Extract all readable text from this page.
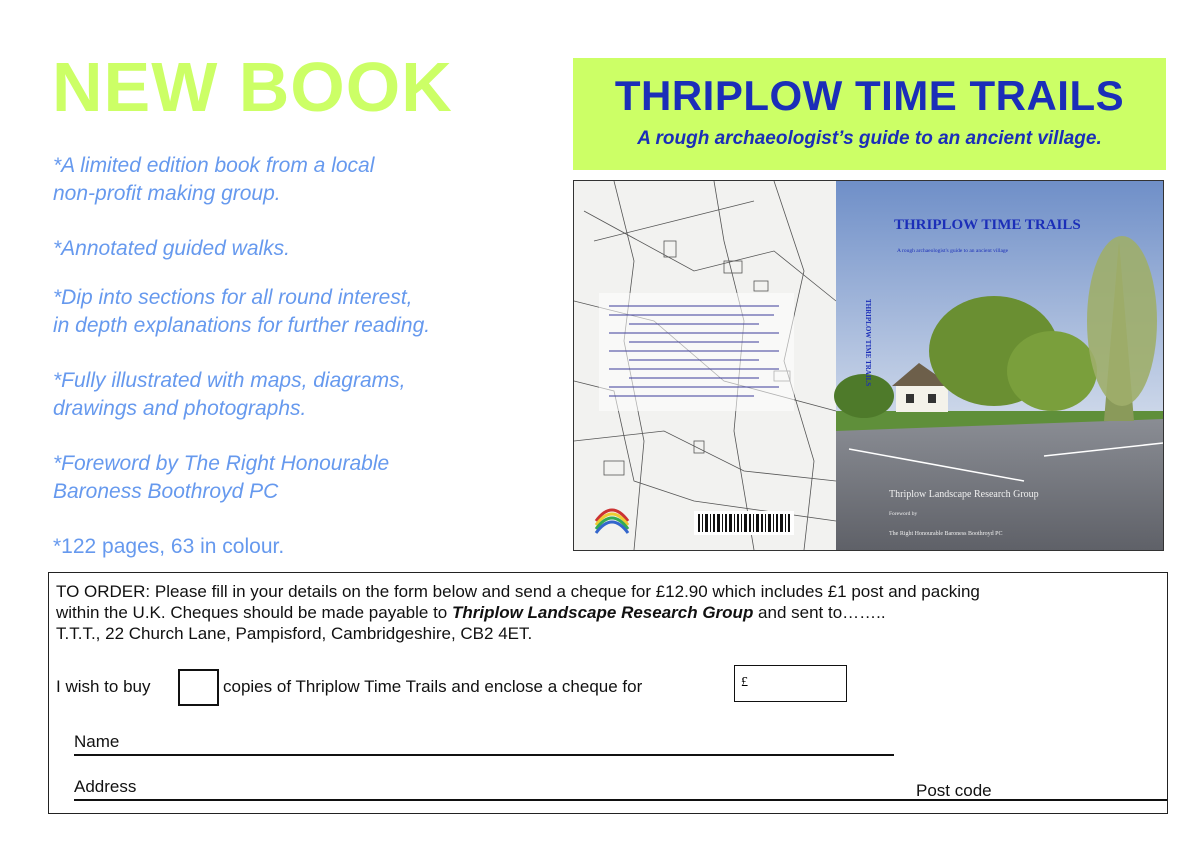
NEW BOOK
*A limited edition book from a local
non-profit making group.
*Annotated guided walks.
*Dip into sections for all round interest,
in depth explanations for further reading.
*Fully illustrated with maps, diagrams,
drawings and photographs.
*Foreword by The Right Honourable
Baroness Boothroyd PC
*122 pages, 63 in colour.
THRIPLOW TIME TRAILS
A rough archaeologist’s guide to an ancient village.
THRIPLOW TIME TRAILS
A rough archaeologist's guide to an ancient village
THRIPLOW TIME TRAILS
Thriplow Landscape Research Group
Foreword by
The Right Honourable Baroness Boothroyd PC
TO ORDER: Please fill in your details on the form below and send a cheque for £12.90 which includes £1 post and packing
within the U.K. Cheques should be made payable to Thriplow Landscape Research Group and sent to……..
T.T.T., 22 Church Lane, Pampisford, Cambridgeshire, CB2 4ET.
I wish to buy	copies of Thriplow Time Trails and enclose a cheque for	£
Name
Address	Post code
